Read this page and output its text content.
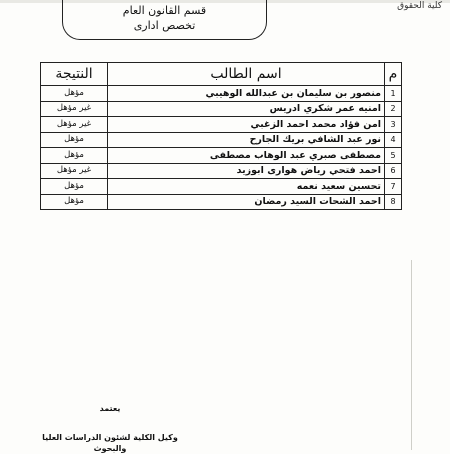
كلية الحقوق
قسم القانون العام
تخصص ادارى
م	اسم الطالب	النتيجة
1	منصور بن سليمان بن عبدالله الوهيبي	مؤهل
2	امنيه عمر شكري ادريس	غير مؤهل
3	امن فؤاد محمد احمد الزغبي	غير مؤهل
4	نور عبد الشافي بريك الجارح	مؤهل
5	مصطفى صبري عبد الوهاب مصطفى	مؤهل
6	احمد فتحي رياض هوارى ابوزيد	غير مؤهل
7	تحسين سعيد نعمه	مؤهل
8	احمد الشحات السيد رمضان	مؤهل
يعتمد
وكيل الكلية لشئون الدراسات العليا والبحوث
